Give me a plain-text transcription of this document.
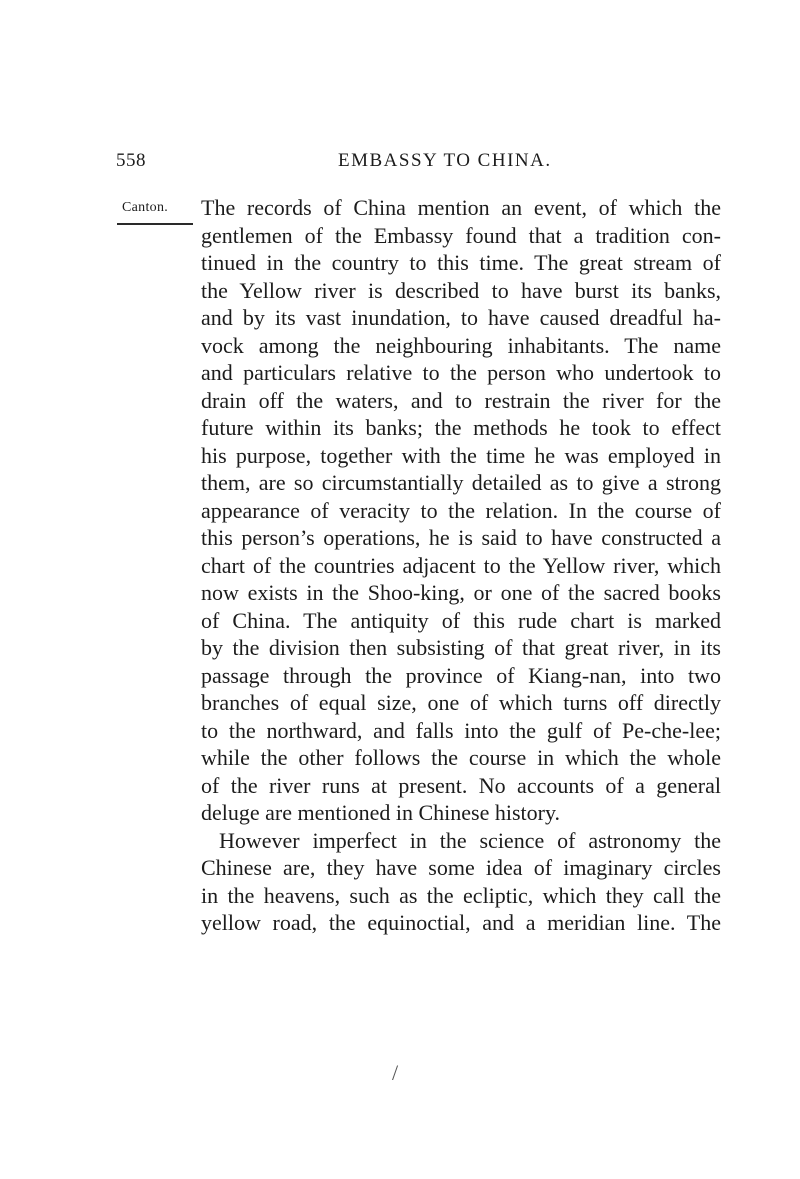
558	EMBASSY TO CHINA.
Canton. The records of China mention an event, of which the
gentlemen of the Embassy found that a tradition con-
tinued in the country to this time. The great stream of
the Yellow river is described to have burst its banks,
and by its vast inundation, to have caused dreadful ha-
vock among the neighbouring inhabitants. The name
and particulars relative to the person who undertook to
drain off the waters, and to restrain the river for the
future within its banks; the methods he took to effect
his purpose, together with the time he was employed in
them, are so circumstantially detailed as to give a strong
appearance of veracity to the relation. In the course of
this person’s operations, he is said to have constructed a
chart of the countries adjacent to the Yellow river, which
now exists in the Shoo-king, or one of the sacred books
of China. The antiquity of this rude chart is marked
by the division then subsisting of that great river, in its
passage through the province of Kiang-nan, into two
branches of equal size, one of which turns off directly
to the northward, and falls into the gulf of Pe-che-lee;
while the other follows the course in which the whole
of the river runs at present. No accounts of a general
deluge are mentioned in Chinese history.
However imperfect in the science of astronomy the
Chinese are, they have some idea of imaginary circles
in the heavens, such as the ecliptic, which they call the
yellow road, the equinoctial, and a meridian line. The
/
